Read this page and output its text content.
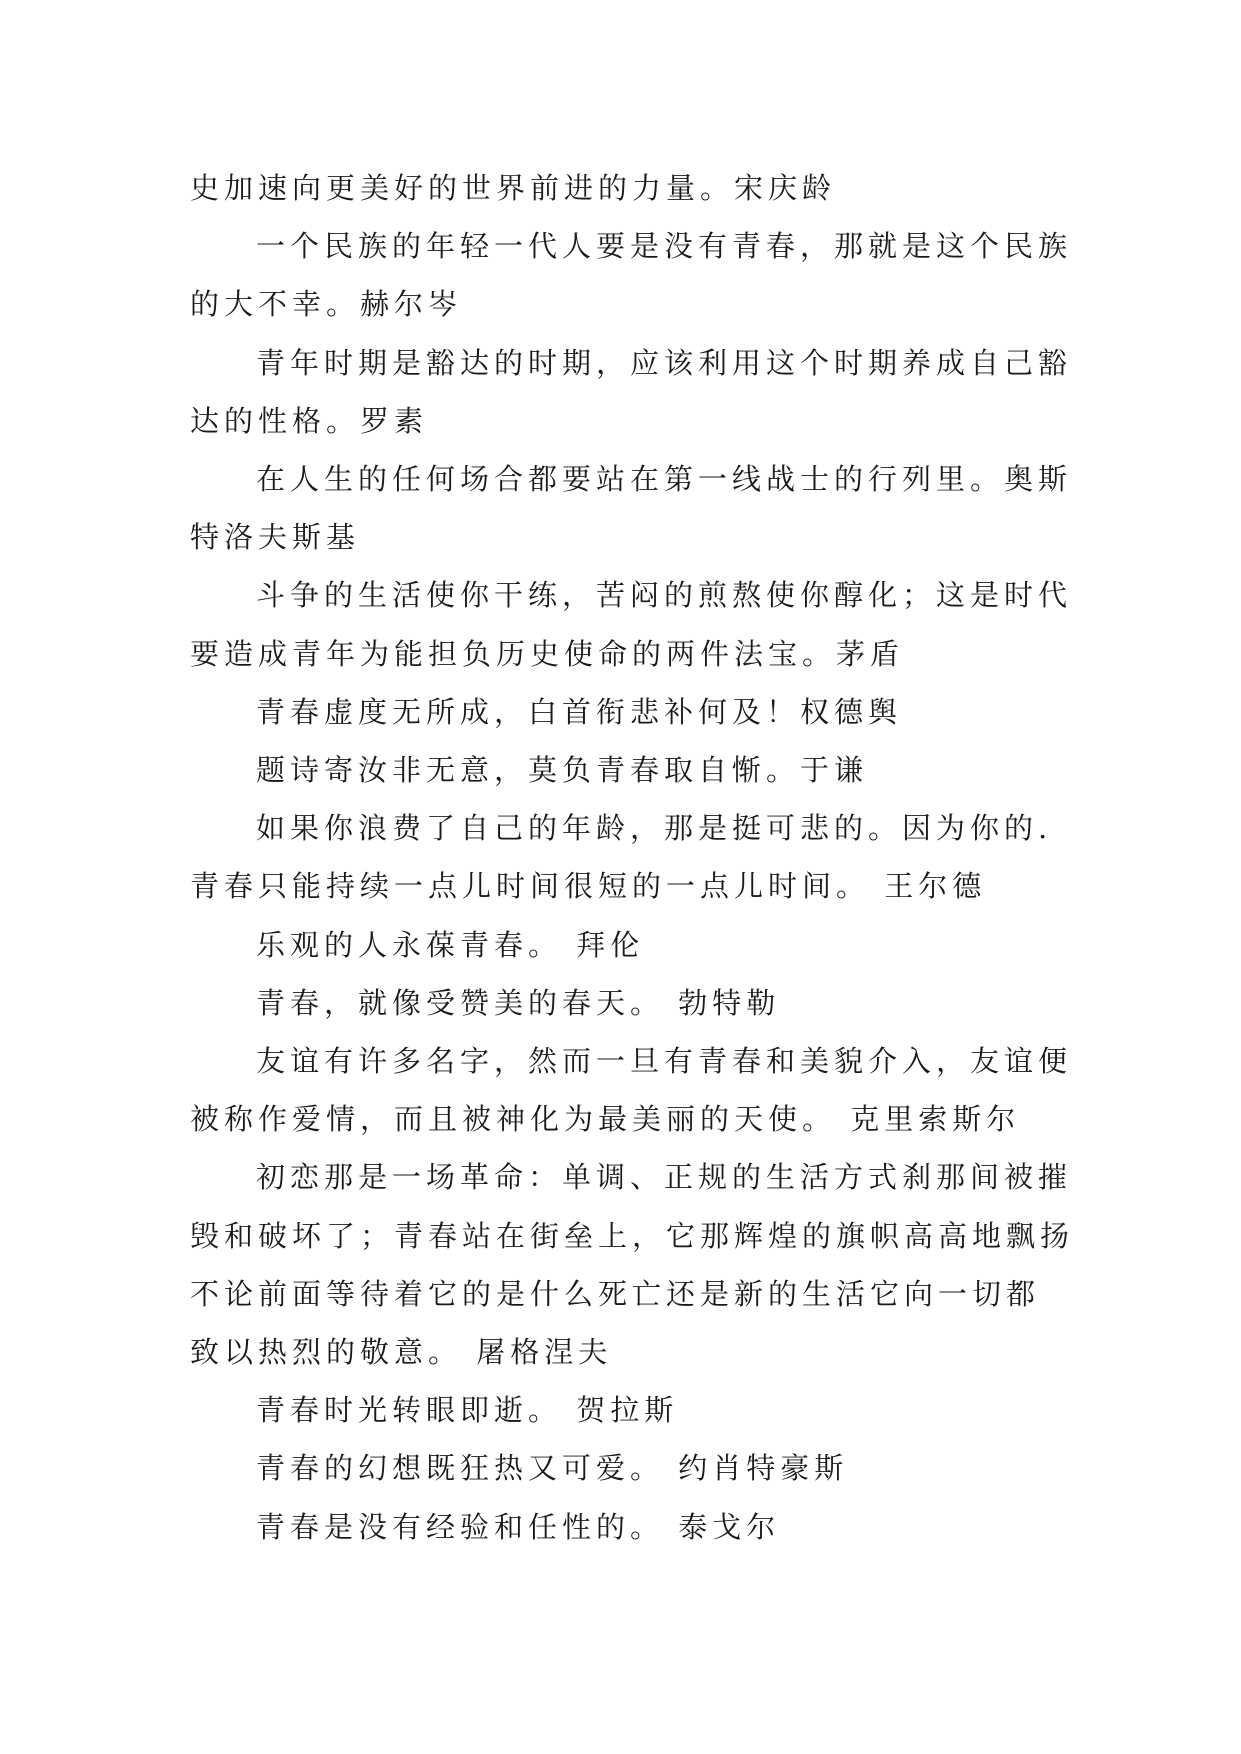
史加速向更美好的世界前进的力量。宋庆龄

一个民族的年轻一代人要是没有青春，那就是这个民族
的大不幸。赫尔岑

青年时期是豁达的时期，应该利用这个时期养成自己豁
达的性格。罗素

在人生的任何场合都要站在第一线战士的行列里。奥斯
特洛夫斯基

斗争的生活使你干练，苦闷的煎熬使你醇化；这是时代
要造成青年为能担负历史使命的两件法宝。茅盾

青春虚度无所成，白首衔悲补何及！权德舆

题诗寄汝非无意，莫负青春取自惭。于谦

如果你浪费了自己的年龄，那是挺可悲的。因为你的.
青春只能持续一点儿时间很短的一点儿时间。 王尔德

乐观的人永葆青春。 拜伦

青春，就像受赞美的春天。 勃特勒

友谊有许多名字，然而一旦有青春和美貌介入，友谊便
被称作爱情，而且被神化为最美丽的天使。 克里索斯尔

初恋那是一场革命：单调、正规的生活方式刹那间被摧
毁和破坏了；青春站在街垒上，它那辉煌的旗帜高高地飘扬
不论前面等待着它的是什么死亡还是新的生活它向一切都
致以热烈的敬意。 屠格涅夫

青春时光转眼即逝。 贺拉斯

青春的幻想既狂热又可爱。 约肖特豪斯

青春是没有经验和任性的。 泰戈尔
